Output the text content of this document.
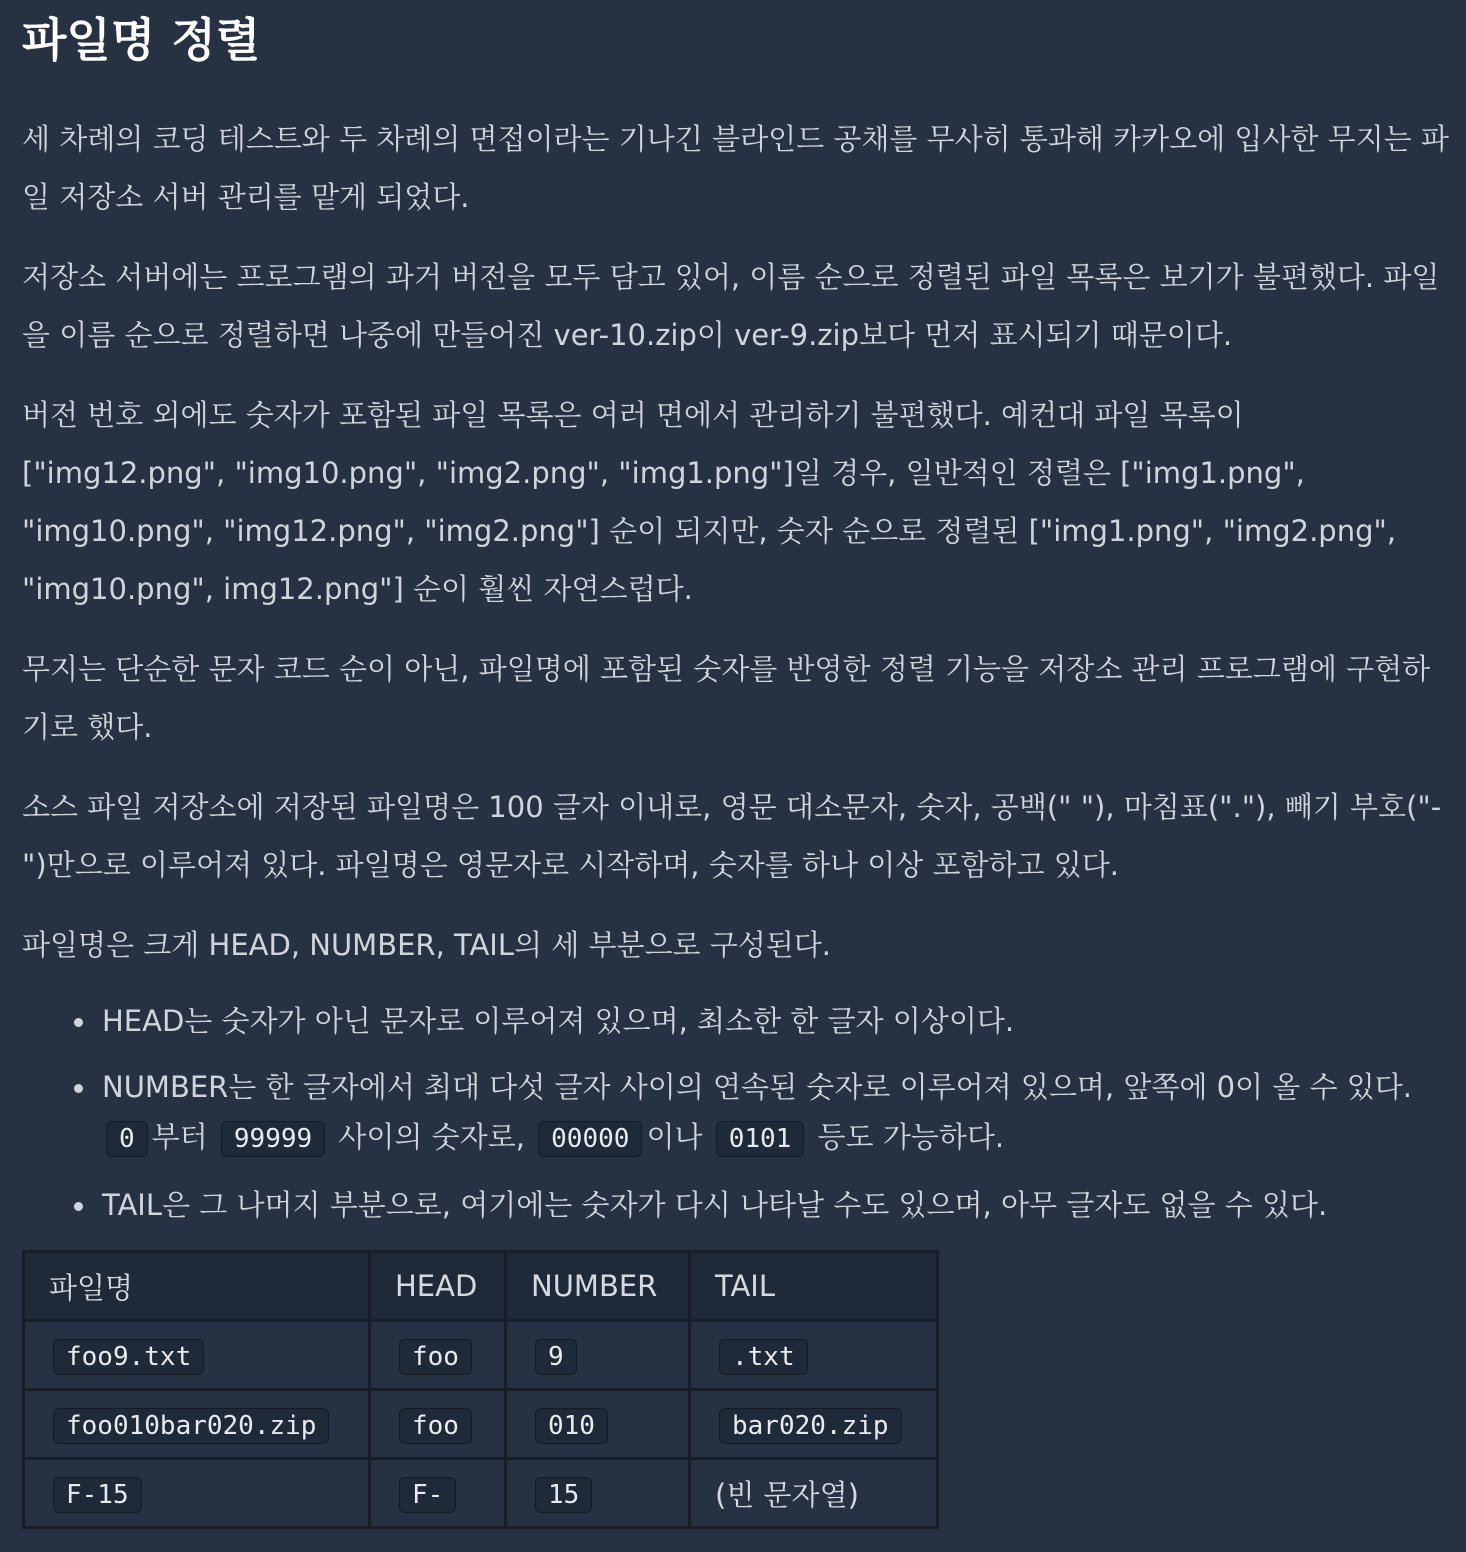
파일명 정렬

세 차례의 코딩 테스트와 두 차례의 면접이라는 기나긴 블라인드 공채를 무사히 통과해 카카오에 입사한 무지는 파일 저장소 서버 관리를 맡게 되었다.

저장소 서버에는 프로그램의 과거 버전을 모두 담고 있어, 이름 순으로 정렬된 파일 목록은 보기가 불편했다. 파일을 이름 순으로 정렬하면 나중에 만들어진 ver-10.zip이 ver-9.zip보다 먼저 표시되기 때문이다.

버전 번호 외에도 숫자가 포함된 파일 목록은 여러 면에서 관리하기 불편했다. 예컨대 파일 목록이 ["img12.png", "img10.png", "img2.png", "img1.png"]일 경우, 일반적인 정렬은 ["img1.png", "img10.png", "img12.png", "img2.png"] 순이 되지만, 숫자 순으로 정렬된 ["img1.png", "img2.png", "img10.png", img12.png"] 순이 훨씬 자연스럽다.

무지는 단순한 문자 코드 순이 아닌, 파일명에 포함된 숫자를 반영한 정렬 기능을 저장소 관리 프로그램에 구현하기로 했다.

소스 파일 저장소에 저장된 파일명은 100 글자 이내로, 영문 대소문자, 숫자, 공백(" "), 마침표("."), 빼기 부호("-")만으로 이루어져 있다. 파일명은 영문자로 시작하며, 숫자를 하나 이상 포함하고 있다.

파일명은 크게 HEAD, NUMBER, TAIL의 세 부분으로 구성된다.

HEAD는 숫자가 아닌 문자로 이루어져 있으며, 최소한 한 글자 이상이다.
NUMBER는 한 글자에서 최대 다섯 글자 사이의 연속된 숫자로 이루어져 있으며, 앞쪽에 0이 올 수 있다.
0 부터 99999 사이의 숫자로, 00000 이나 0101 등도 가능하다.
TAIL은 그 나머지 부분으로, 여기에는 숫자가 다시 나타날 수도 있으며, 아무 글자도 없을 수 있다.
파일명	HEAD	NUMBER	TAIL
foo9.txt	foo	9	.txt
foo010bar020.zip	foo	010	bar020.zip
F-15	F-	15	(빈 문자열)
